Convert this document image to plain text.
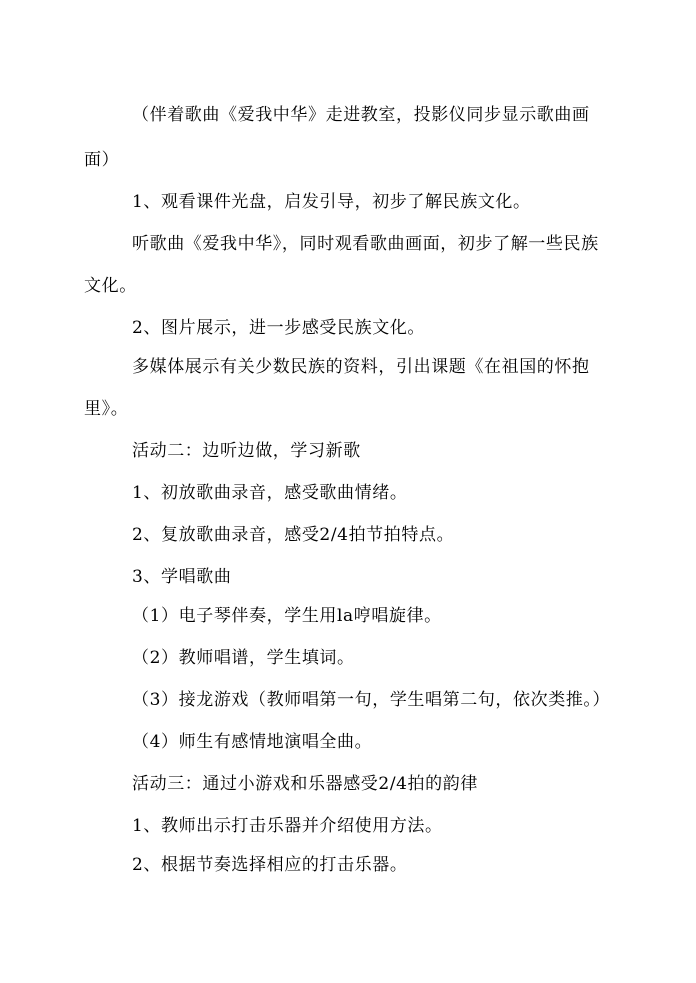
（伴着歌曲《爱我中华》走进教室，投影仪同步显示歌曲画
面）
1、观看课件光盘，启发引导，初步了解民族文化。
听歌曲《爱我中华》，同时观看歌曲画面，初步了解一些民族
文化。
2、图片展示，进一步感受民族文化。
多媒体展示有关少数民族的资料，引出课题《在祖国的怀抱
里》。
活动二：边听边做，学习新歌
1、初放歌曲录音，感受歌曲情绪。
2、复放歌曲录音，感受2/4拍节拍特点。
3、学唱歌曲
（1）电子琴伴奏，学生用la哼唱旋律。
（2）教师唱谱，学生填词。
（3）接龙游戏（教师唱第一句，学生唱第二句，依次类推。）
（4）师生有感情地演唱全曲。
活动三：通过小游戏和乐器感受2/4拍的韵律
1、教师出示打击乐器并介绍使用方法。
2、根据节奏选择相应的打击乐器。
